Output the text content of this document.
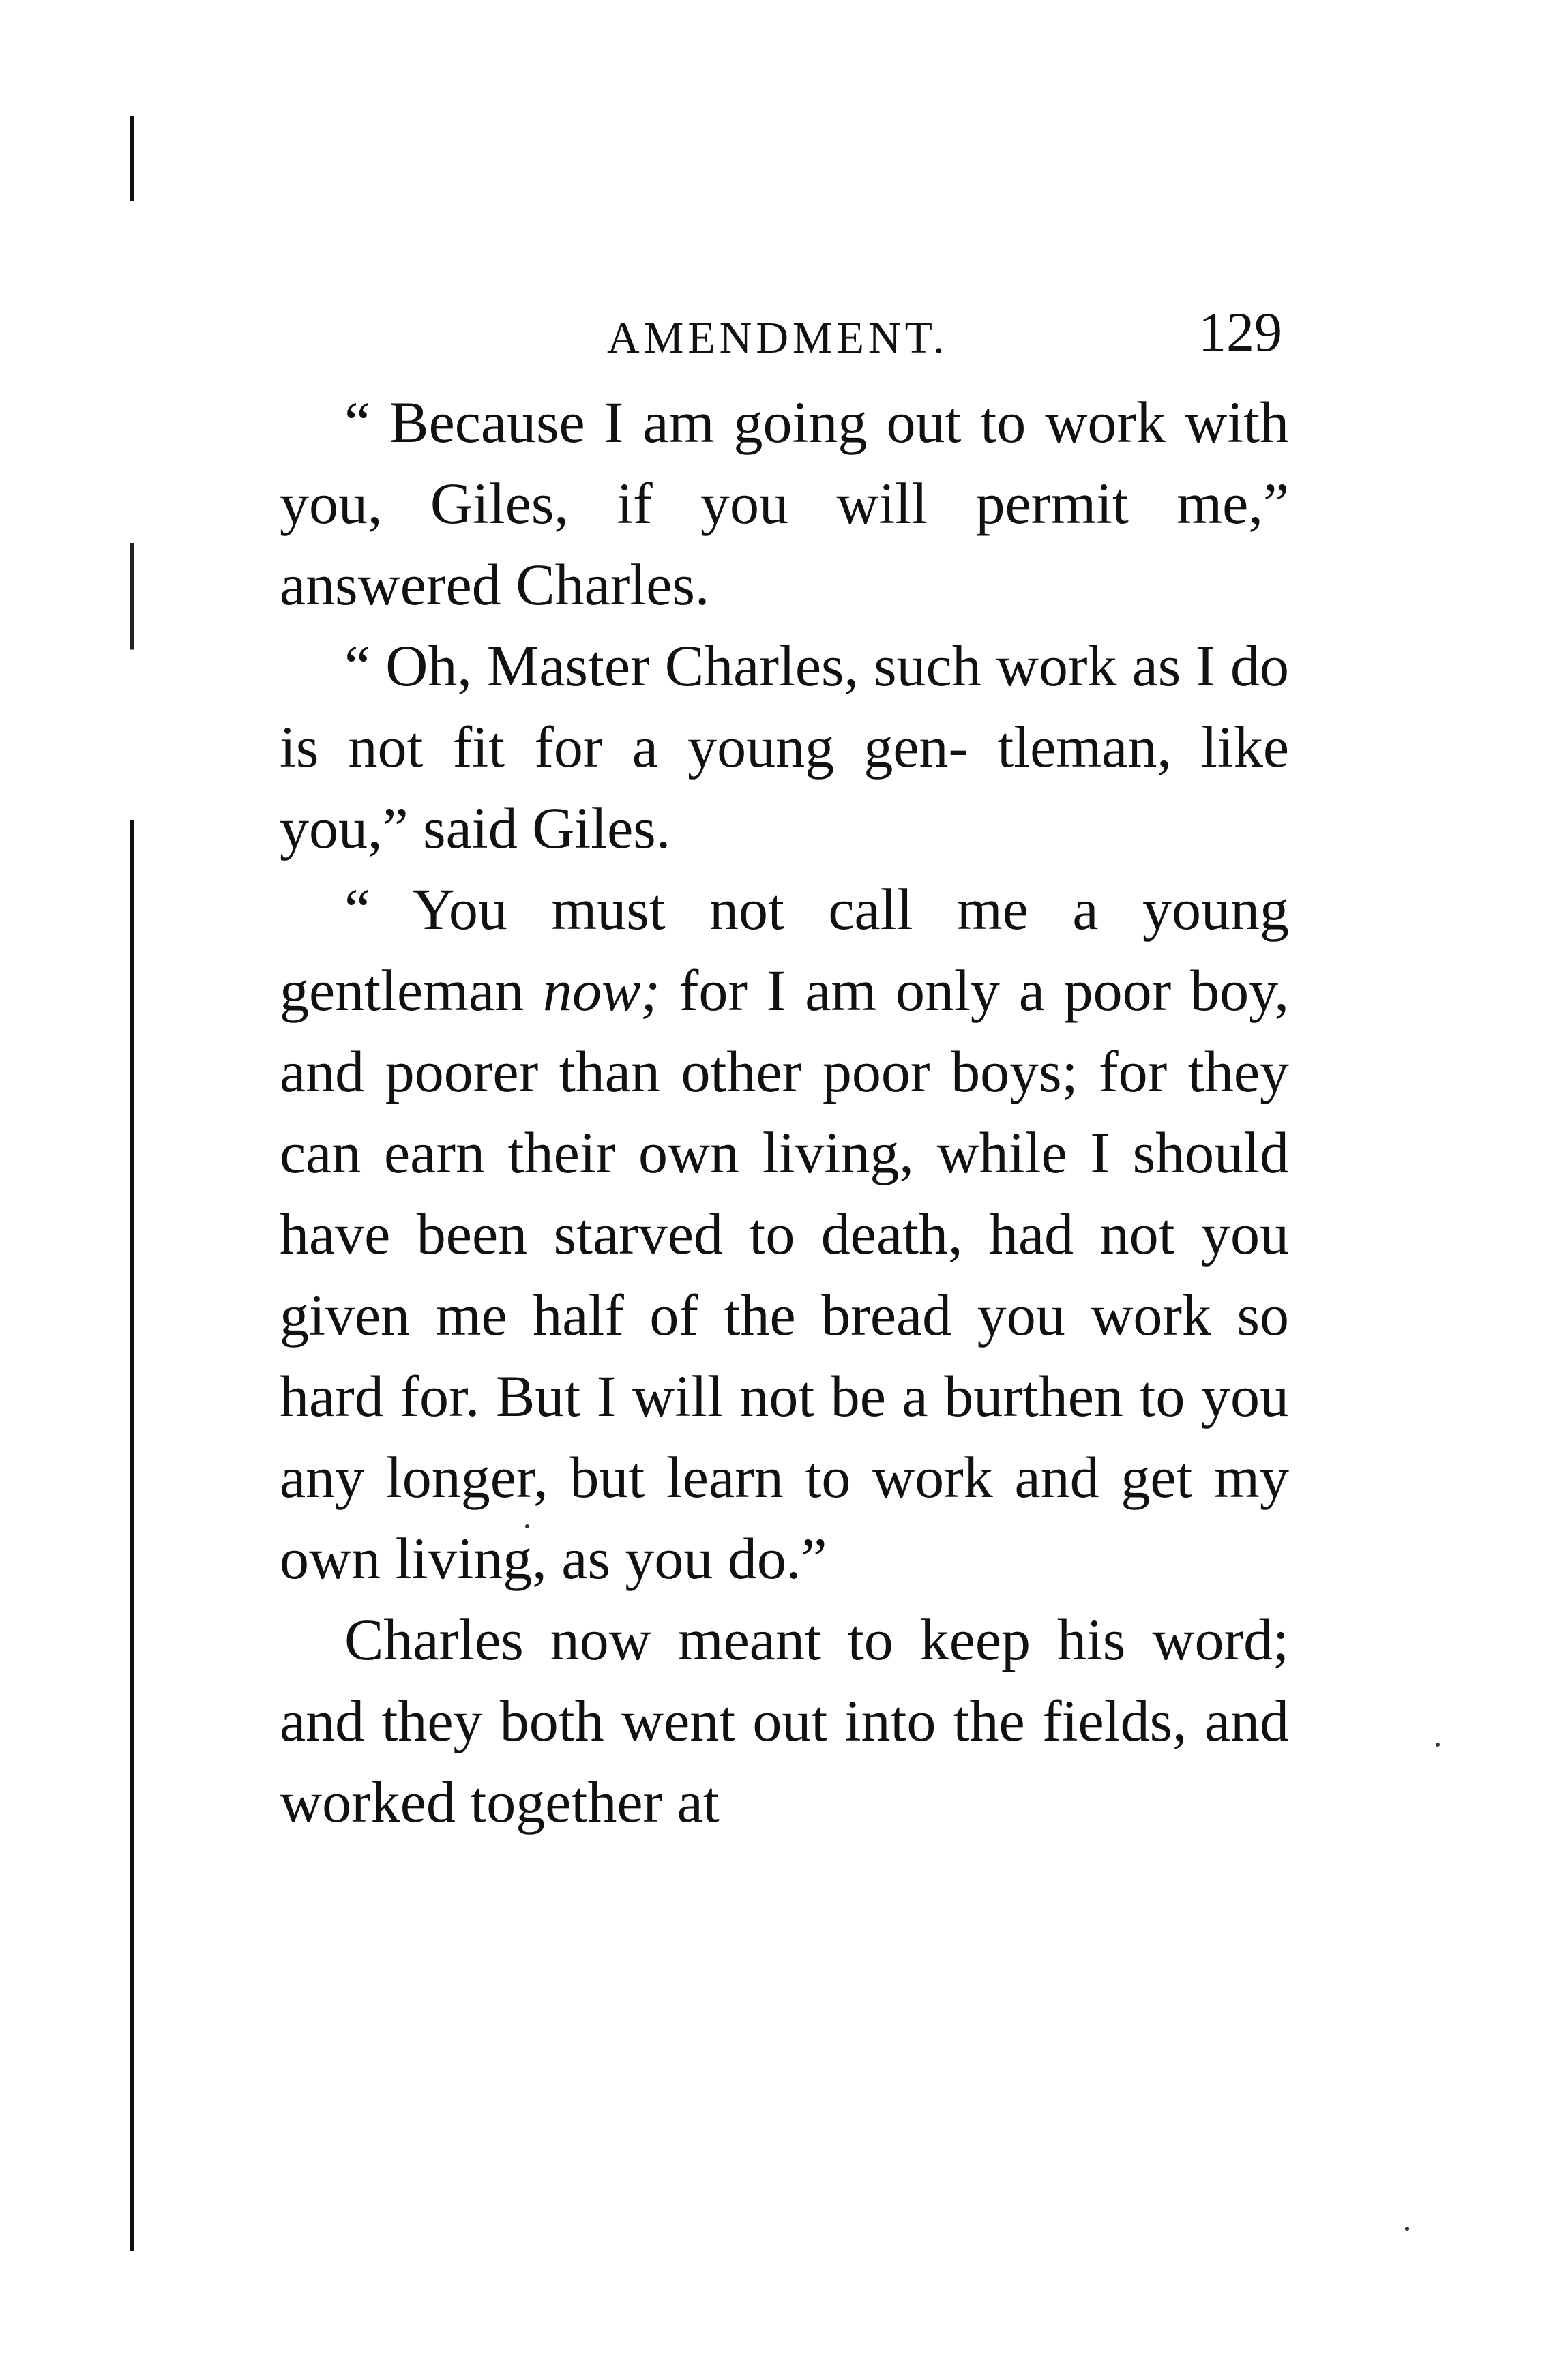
AMENDMENT.	129

“ Because I am going out to work with you, Giles, if you will permit me,” answered Charles.

“ Oh, Master Charles, such work as I do is not fit for a young gen- tleman, like you,” said Giles.

“ You must not call me a young gentleman now; for I am only a poor boy, and poorer than other poor boys; for they can earn their own living, while I should have been starved to death, had not you given me half of the bread you work so hard for. But I will not be a burthen to you any longer, but learn to work and get my own living, as you do.”

Charles now meant to keep his word; and they both went out into the fields, and worked together at
